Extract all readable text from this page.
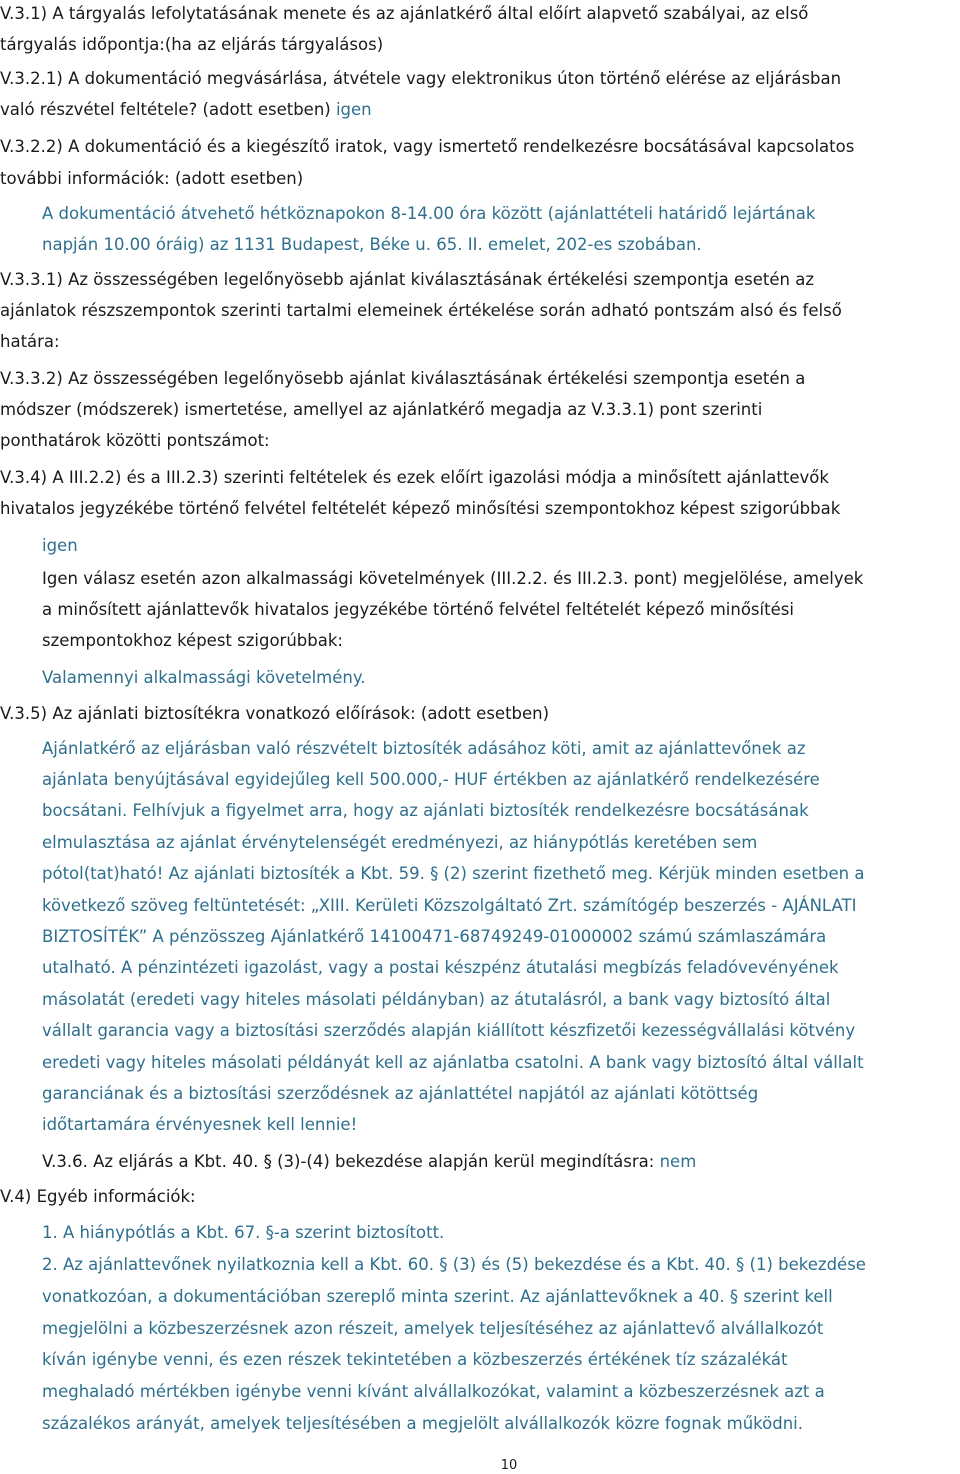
V.3.1) A tárgyalás lefolytatásának menete és az ajánlatkérő által előírt alapvető szabályai, az első
tárgyalás időpontja:(ha az eljárás tárgyalásos)
V.3.2.1) A dokumentáció megvásárlása, átvétele vagy elektronikus úton történő elérése az eljárásban
való részvétel feltétele? (adott esetben) igen
V.3.2.2) A dokumentáció és a kiegészítő iratok, vagy ismertető rendelkezésre bocsátásával kapcsolatos
további információk: (adott esetben)
A dokumentáció átvehető hétköznapokon 8-14.00 óra között (ajánlattételi határidő lejártának
napján 10.00 óráig) az 1131 Budapest, Béke u. 65. II. emelet, 202-es szobában.
V.3.3.1) Az összességében legelőnyösebb ajánlat kiválasztásának értékelési szempontja esetén az
ajánlatok részszempontok szerinti tartalmi elemeinek értékelése során adható pontszám alsó és felső
határa:
V.3.3.2) Az összességében legelőnyösebb ajánlat kiválasztásának értékelési szempontja esetén a
módszer (módszerek) ismertetése, amellyel az ajánlatkérő megadja az V.3.3.1) pont szerinti
ponthatárok közötti pontszámot:
V.3.4) A III.2.2) és a III.2.3) szerinti feltételek és ezek előírt igazolási módja a minősített ajánlattevők
hivatalos jegyzékébe történő felvétel feltételét képező minősítési szempontokhoz képest szigorúbbak
igen
Igen válasz esetén azon alkalmassági követelmények (III.2.2. és III.2.3. pont) megjelölése, amelyek
a minősített ajánlattevők hivatalos jegyzékébe történő felvétel feltételét képező minősítési
szempontokhoz képest szigorúbbak:
Valamennyi alkalmassági követelmény.
V.3.5) Az ajánlati biztosítékra vonatkozó előírások: (adott esetben)
Ajánlatkérő az eljárásban való részvételt biztosíték adásához köti, amit az ajánlattevőnek az
ajánlata benyújtásával egyidejűleg kell 500.000,- HUF értékben az ajánlatkérő rendelkezésére
bocsátani. Felhívjuk a figyelmet arra, hogy az ajánlati biztosíték rendelkezésre bocsátásának
elmulasztása az ajánlat érvénytelenségét eredményezi, az hiánypótlás keretében sem
pótol(tat)ható! Az ajánlati biztosíték a Kbt. 59. § (2) szerint fizethető meg. Kérjük minden esetben a
következő szöveg feltüntetését: „XIII. Kerületi Közszolgáltató Zrt. számítógép beszerzés - AJÁNLATI
BIZTOSÍTÉK” A pénzösszeg Ajánlatkérő 14100471-68749249-01000002 számú számlaszámára
utalható. A pénzintézeti igazolást, vagy a postai készpénz átutalási megbízás feladóvevényének
másolatát (eredeti vagy hiteles másolati példányban) az átutalásról, a bank vagy biztosító által
vállalt garancia vagy a biztosítási szerződés alapján kiállított készfizetői kezességvállalási kötvény
eredeti vagy hiteles másolati példányát kell az ajánlatba csatolni. A bank vagy biztosító által vállalt
garanciának és a biztosítási szerződésnek az ajánlattétel napjától az ajánlati kötöttség
időtartamára érvényesnek kell lennie!
V.3.6. Az eljárás a Kbt. 40. § (3)-(4) bekezdése alapján kerül megindításra: nem
V.4) Egyéb információk:
1. A hiánypótlás a Kbt. 67. §-a szerint biztosított.
2. Az ajánlattevőnek nyilatkoznia kell a Kbt. 60. § (3) és (5) bekezdése és a Kbt. 40. § (1) bekezdése
vonatkozóan, a dokumentációban szereplő minta szerint. Az ajánlattevőknek a 40. § szerint kell
megjelölni a közbeszerzésnek azon részeit, amelyek teljesítéséhez az ajánlattevő alvállalkozót
kíván igénybe venni, és ezen részek tekintetében a közbeszerzés értékének tíz százalékát
meghaladó mértékben igénybe venni kívánt alvállalkozókat, valamint a közbeszerzésnek azt a
százalékos arányát, amelyek teljesítésében a megjelölt alvállalkozók közre fognak működni.
10
